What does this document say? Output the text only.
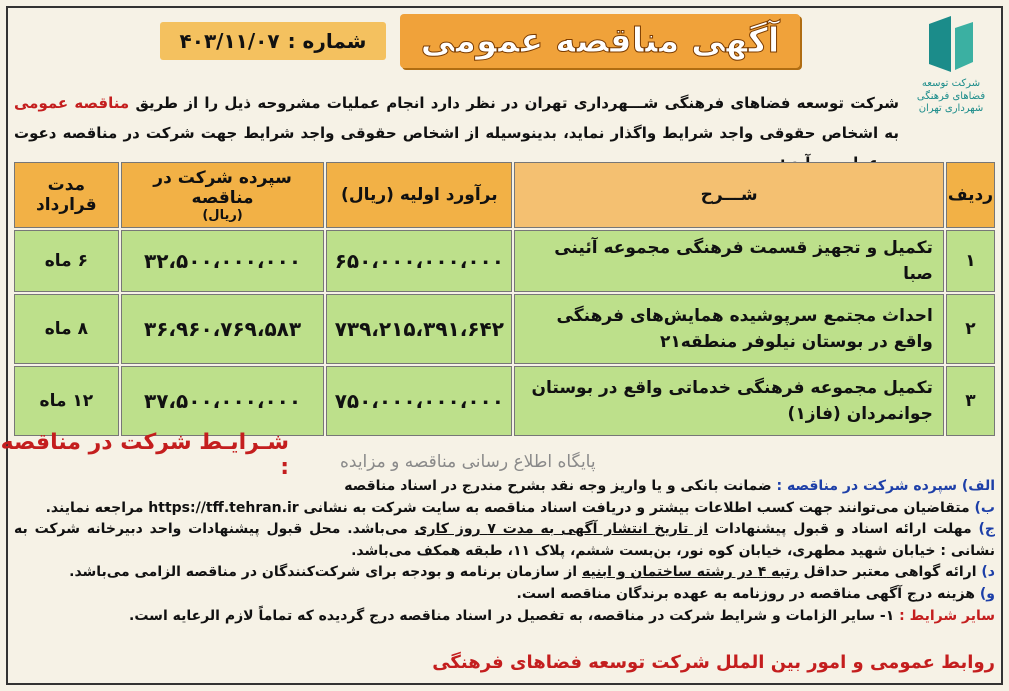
آگهی مناقصه عمومی
شماره :
۴۰۳/۱۱/۰۷
شرکت توسعه فضاهای فرهنگی شهرداری تهران
شرکت توسعه فضاهای فرهنگی شـــهرداری تهران در نظر دارد انجام عملیات مشروحه ذیل را از طریق مناقصه عمومی به اشخاص حقوقی واجد شرایط واگذار نماید، بدینوسیله از اشخاص حقوقی واجد شرایط جهت شرکت در مناقصه دعوت
ردیف	شـــرح	برآورد اولیه (ریال)	سپرده شرکت در مناقصه
(ریال)	مدت قرارداد
۱	تکمیل و تجهیز قسمت فرهنگی مجموعه آئینی صبا	۶۵۰،۰۰۰،۰۰۰،۰۰۰	۳۲،۵۰۰،۰۰۰،۰۰۰	۶ ماه
۲	احداث مجتمع سرپوشیده همایش‌های فرهنگی واقع در بوستان نیلوفر منطقه۲۱	۷۳۹،۲۱۵،۳۹۱،۶۴۲	۳۶،۹۶۰،۷۶۹،۵۸۳	۸ ماه
۳	تکمیل مجموعه فرهنگی خدماتی واقع در بوستان جوانمردان (فاز۱)	۷۵۰،۰۰۰،۰۰۰،۰۰۰	۳۷،۵۰۰،۰۰۰،۰۰۰	۱۲ ماه
شـرایـط شرکت در مناقصه :	پایگاه اطلاع رسانی مناقصه و مزایده

الف) سپرده شرکت در مناقصه : ضمانت بانکی و یا واریز وجه نقد بشرح مندرج در اسناد مناقصه

ب) متقاضیان می‌توانند جهت کسب اطلاعات بیشتر و دریافت اسناد مناقصه به سایت شرکت به نشانی https://tff.tehran.ir مراجعه نمایند.

ج) مهلت ارائه اسناد و قبول پیشنهادات از تاریخ انتشار آگهی به مدت ۷ روز کاری می‌باشد. محل قبول پیشنهادات واحد دبیرخانه شرکت به نشانی : خیابان شهید مطهری، خیابان کوه نور، بن‌بست ششم، پلاک ۱۱، طبقه همکف می‌باشد.

د) ارائه گواهی معتبر حداقل رتبه ۴ در رشته ساختمان و ابنیه از سازمان برنامه و بودجه برای شرکت‌کنندگان در مناقصه الزامی می‌باشد.

و) هزینه درج آگهی مناقصه در روزنامه به عهده برندگان مناقصه است.

سایر شرایط : ۱- سایر الزامات و شرایط شرکت در مناقصه، به تفصیل در اسناد مناقصه درج گردیده که تماماً لازم الرعایه است.

روابط عمومی و امور بین الملل شرکت توسعه فضاهای فرهنگی
